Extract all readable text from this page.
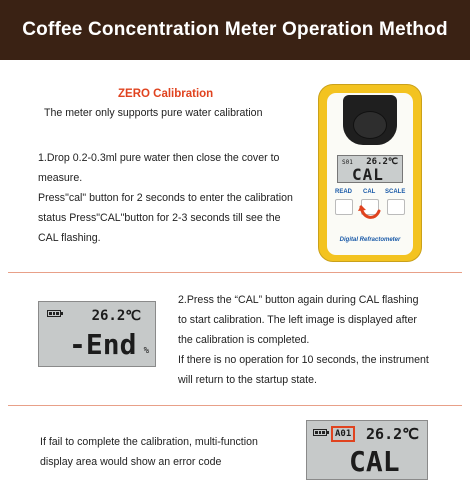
Coffee Concentration Meter Operation Method
ZERO Calibration
The meter only supports pure water calibration
1.Drop 0.2-0.3ml pure water then close the cover to
measure.
Press"cal" button for 2 seconds to enter the calibration
status Press"CAL"button for 2-3 seconds till see the
CAL flashing.
S01 26.2℃
CAL
READ CAL SCALE
Digital Refractometer
26.2℃
-End %
2.Press the “CAL” button again during CAL flashing
to start calibration. The left image is displayed after
the calibration is completed.
If there is no operation for 10 seconds, the instrument
will return to the startup state.
If fail to complete the calibration, multi-function
display area would show an error code
A01 26.2℃
CAL
